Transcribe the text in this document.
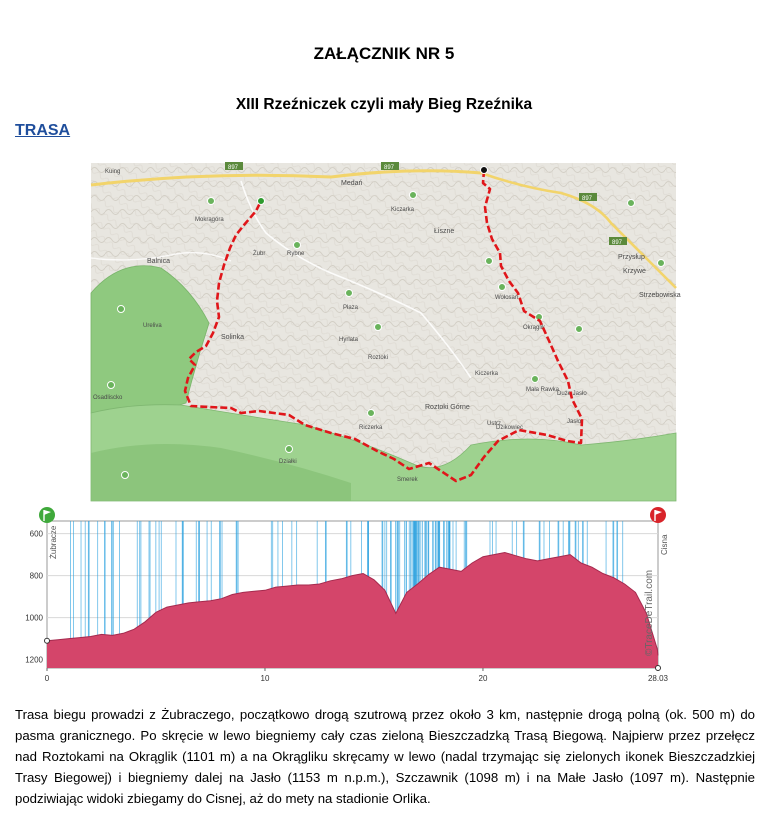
ZAŁĄCZNIK NR 5
XIII Rzeźniczek czyli mały Bieg Rzeźnika
TRASA
897	897
897
897
Kuing
Mokrągóra
Medań
Kiczarka
Rybne
Żubr
Łiszne
Wołosań
Płaza
Balnica
Ureliva
Osadliscko
Solinka	Hyrlata
Roztoki
Roztoki Górne
Dzikowiec
Krzywe
Przysłup
Strzebowiska
Mała Rawka
Duże Jasło
Jasło
Okrąglik
Kiczerka
Ustrz.
Riczerka
Działki
Smerek
1200
1000
800
600
0	10	20	28.03
Żubracze	Cisna
©TraceDeTrail.com
Trasa biegu prowadzi z Żubraczego, początkowo drogą szutrową przez około 3 km, następnie drogą polną (ok. 500 m) do pasma granicznego. Po skręcie w lewo biegniemy cały czas zieloną Bieszczadzką Trasą Biegową. Najpierw przez przełęcz nad Roztokami na Okrąglik (1101 m) a na Okrągliku skręcamy w lewo (nadal trzymając się zielonych ikonek Bieszczadzkiej Trasy Biegowej) i biegniemy dalej na Jasło (1153 m n.p.m.), Szczawnik (1098 m) i na Małe Jasło (1097 m). Następnie podziwiając widoki zbiegamy do Cisnej, aż do mety na stadionie Orlika.
